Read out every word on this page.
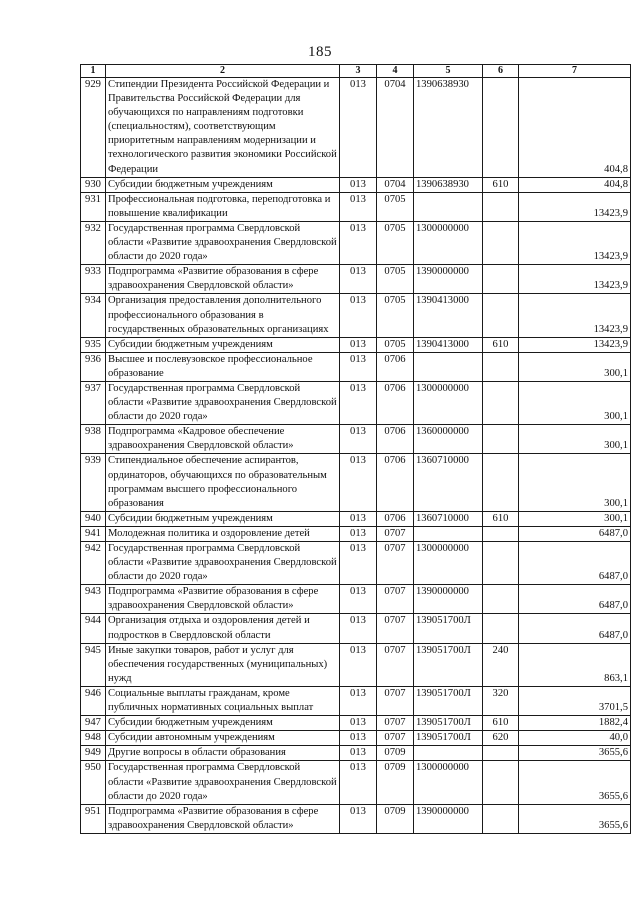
185
1	2	3	4	5	6	7
929	Стипендии Президента Российской Федерации и Правительства Российской Федерации для обучающихся по направлениям подготовки (специальностям), соответствующим приоритетным направлениям модернизации и технологического развития экономики Российской Федерации	013	0704	1390638930		404,8
930	Субсидии бюджетным учреждениям	013	0704	1390638930	610	404,8
931	Профессиональная подготовка, переподготовка и повышение квалификации	013	0705			13423,9
932	Государственная программа Свердловской области «Развитие здравоохранения Свердловской области до 2020 года»	013	0705	1300000000		13423,9
933	Подпрограмма «Развитие образования в сфере здравоохранения Свердловской области»	013	0705	1390000000		13423,9
934	Организация предоставления дополнительного профессионального образования в государственных образовательных организациях	013	0705	1390413000		13423,9
935	Субсидии бюджетным учреждениям	013	0705	1390413000	610	13423,9
936	Высшее и послевузовское профессиональное образование	013	0706			300,1
937	Государственная программа Свердловской области «Развитие здравоохранения Свердловской области до 2020 года»	013	0706	1300000000		300,1
938	Подпрограмма «Кадровое обеспечение здравоохранения Свердловской области»	013	0706	1360000000		300,1
939	Стипендиальное обеспечение аспирантов, ординаторов, обучающихся по образовательным программам высшего профессионального образования	013	0706	1360710000		300,1
940	Субсидии бюджетным учреждениям	013	0706	1360710000	610	300,1
941	Молодежная политика и оздоровление детей	013	0707			6487,0
942	Государственная программа Свердловской области «Развитие здравоохранения Свердловской области до 2020 года»	013	0707	1300000000		6487,0
943	Подпрограмма «Развитие образования в сфере здравоохранения Свердловской области»	013	0707	1390000000		6487,0
944	Организация отдыха и оздоровления детей и подростков в Свердловской области	013	0707	139051700Л		6487,0
945	Иные закупки товаров, работ и услуг для обеспечения государственных (муниципальных) нужд	013	0707	139051700Л	240	863,1
946	Социальные выплаты гражданам, кроме публичных нормативных социальных выплат	013	0707	139051700Л	320	3701,5
947	Субсидии бюджетным учреждениям	013	0707	139051700Л	610	1882,4
948	Субсидии автономным учреждениям	013	0707	139051700Л	620	40,0
949	Другие вопросы в области образования	013	0709			3655,6
950	Государственная программа Свердловской области «Развитие здравоохранения Свердловской области до 2020 года»	013	0709	1300000000		3655,6
951	Подпрограмма «Развитие образования в сфере здравоохранения Свердловской области»	013	0709	1390000000		3655,6
